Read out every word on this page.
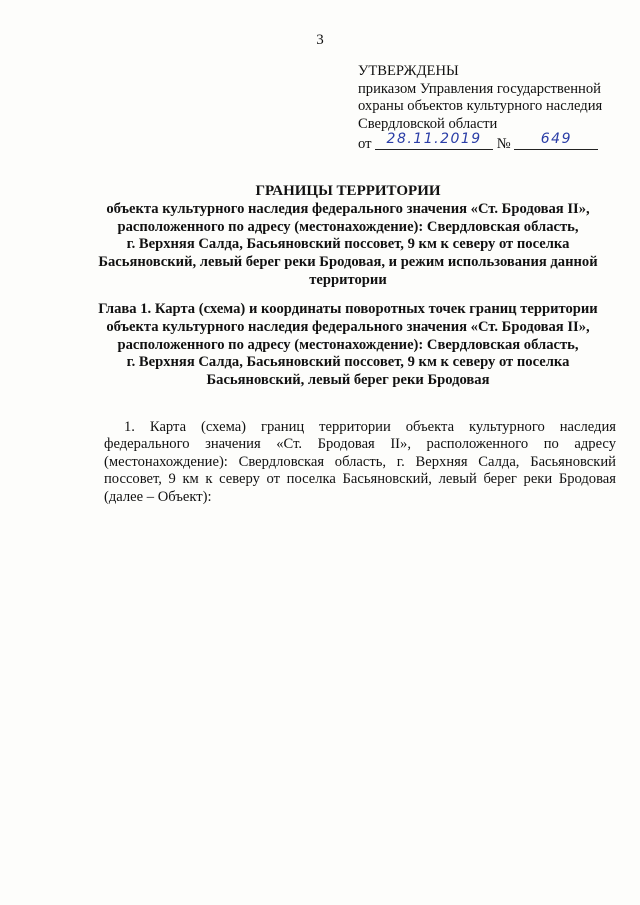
3
УТВЕРЖДЕНЫ
приказом Управления государственной
охраны объектов культурного наследия
Свердловской области
от	28.11.2019	№	649
ГРАНИЦЫ ТЕРРИТОРИИ
объекта культурного наследия федерального значения «Ст. Бродовая II»,
расположенного по адресу (местонахождение): Свердловская область,
г. Верхняя Салда, Басьяновский поссовет, 9 км к северу от поселка
Басьяновский, левый берег реки Бродовая, и режим использования данной
территории
Глава 1. Карта (схема) и координаты поворотных точек границ территории
объекта культурного наследия федерального значения «Ст. Бродовая II»,
расположенного по адресу (местонахождение): Свердловская область,
г. Верхняя Салда, Басьяновский поссовет, 9 км к северу от поселка
Басьяновский, левый берег реки Бродовая

1. Карта (схема) границ территории объекта культурного наследия федерального значения «Ст. Бродовая II», расположенного по адресу (местонахождение): Свердловская область, г. Верхняя Салда, Басьяновский поссовет, 9 км к северу от поселка Басьяновский, левый берег реки Бродовая (далее – Объект):
